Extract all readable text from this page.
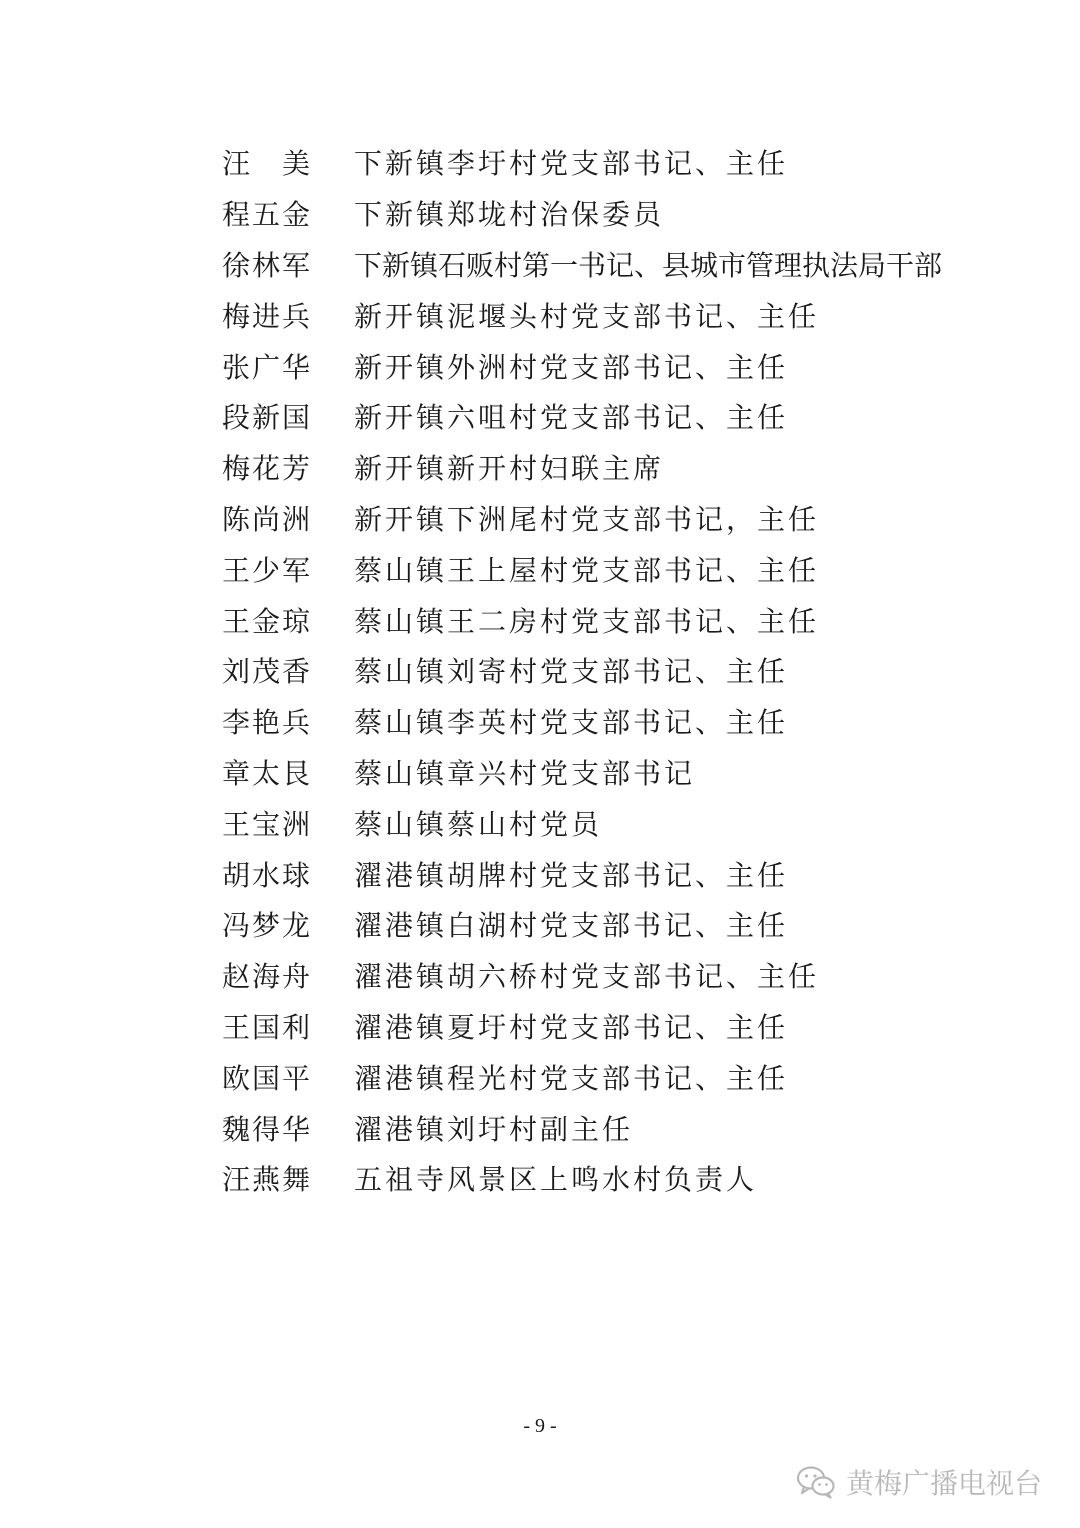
汪　美	下新镇李圩村党支部书记、主任
程五金	下新镇郑垅村治保委员
徐林军	下新镇石贩村第一书记、县城市管理执法局干部
梅进兵	新开镇泥堰头村党支部书记、主任
张广华	新开镇外洲村党支部书记、主任
段新国	新开镇六咀村党支部书记、主任
梅花芳	新开镇新开村妇联主席
陈尚洲	新开镇下洲尾村党支部书记，主任
王少军	蔡山镇王上屋村党支部书记、主任
王金琼	蔡山镇王二房村党支部书记、主任
刘茂香	蔡山镇刘寄村党支部书记、主任
李艳兵	蔡山镇李英村党支部书记、主任
章太艮	蔡山镇章兴村党支部书记
王宝洲	蔡山镇蔡山村党员
胡水球	濯港镇胡牌村党支部书记、主任
冯梦龙	濯港镇白湖村党支部书记、主任
赵海舟	濯港镇胡六桥村党支部书记、主任
王国利	濯港镇夏圩村党支部书记、主任
欧国平	濯港镇程光村党支部书记、主任
魏得华	濯港镇刘圩村副主任
汪燕舞	五祖寺风景区上鸣水村负责人
- 9 -
黄梅广播电视台
